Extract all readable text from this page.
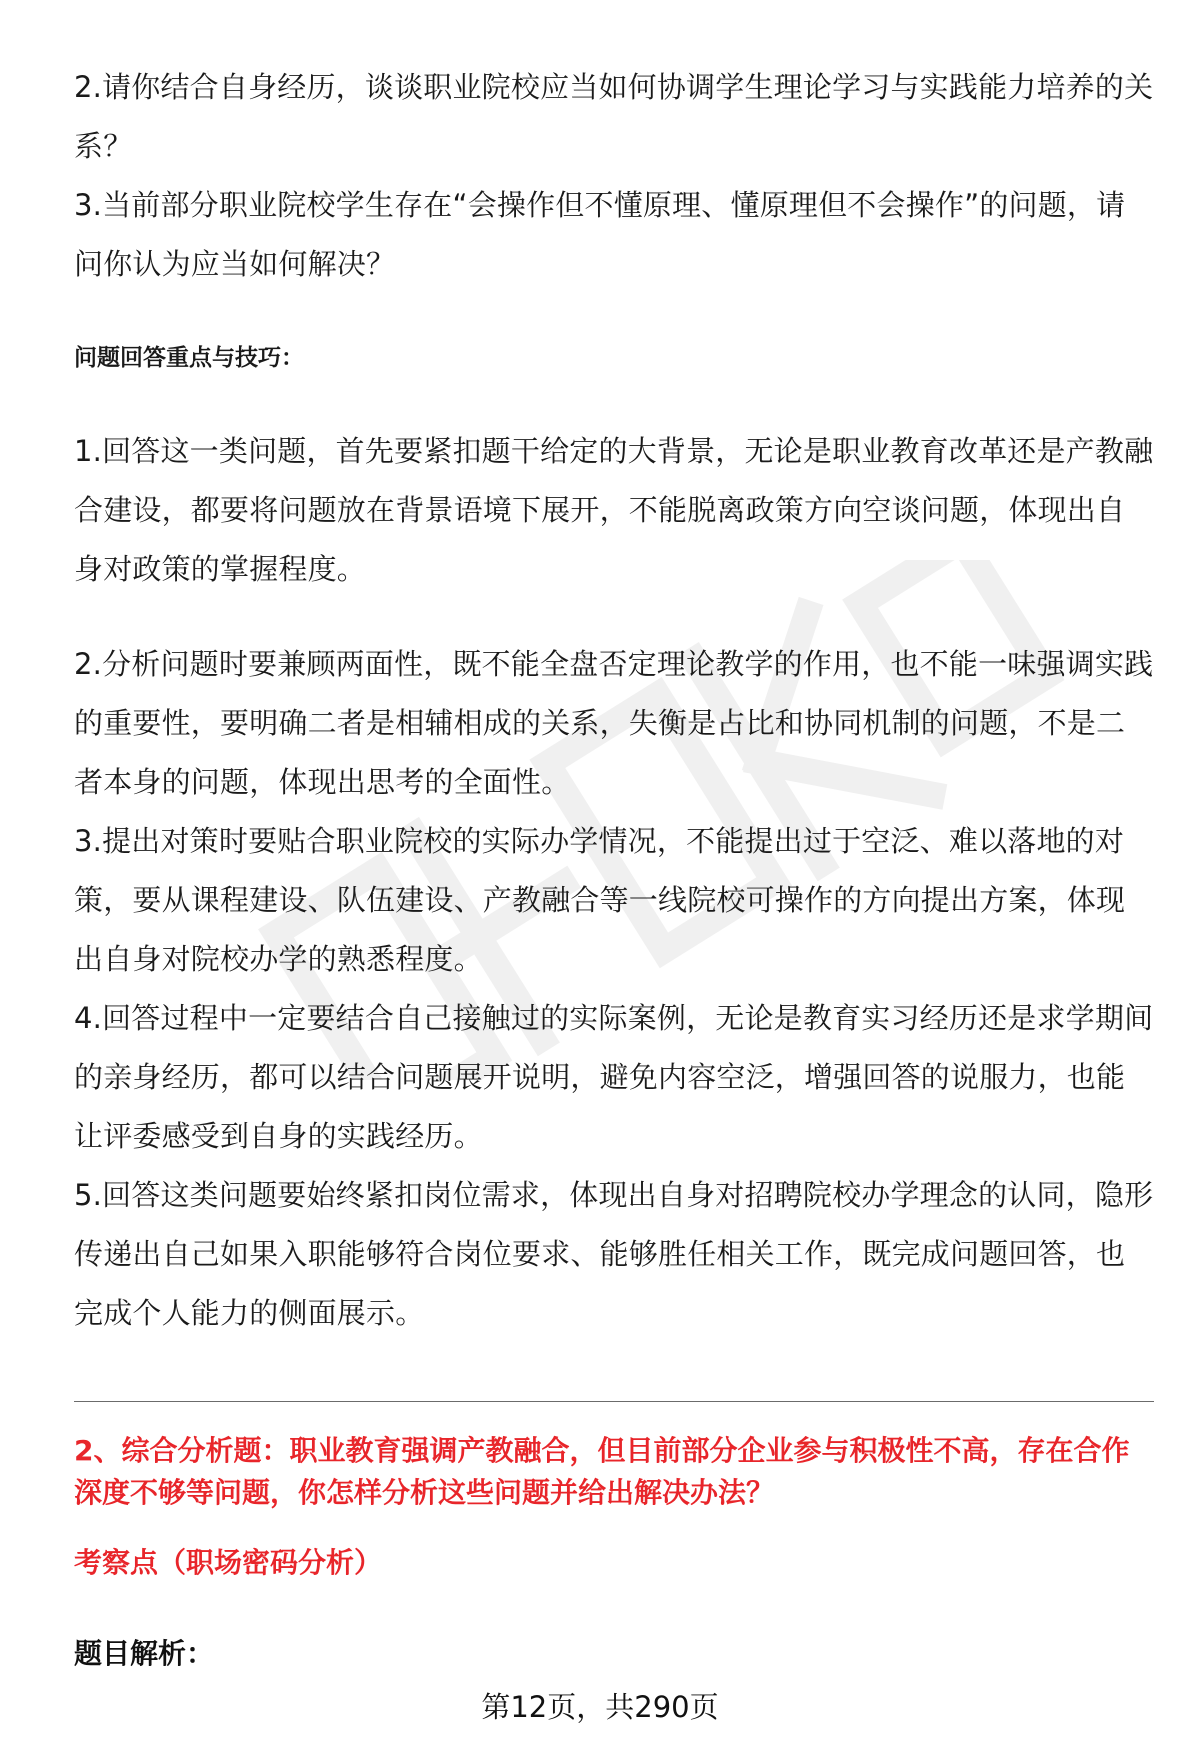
2.请你结合自身经历，谈谈职业院校应当如何协调学生理论学习与实践能力培养的关系？

3.当前部分职业院校学生存在“会操作但不懂原理、懂原理但不会操作”的问题，请问你认为应当如何解决？

问题回答重点与技巧：

1.回答这一类问题，首先要紧扣题干给定的大背景，无论是职业教育改革还是产教融合建设，都要将问题放在背景语境下展开，不能脱离政策方向空谈问题，体现出自身对政策的掌握程度。

2.分析问题时要兼顾两面性，既不能全盘否定理论教学的作用，也不能一味强调实践的重要性，要明确二者是相辅相成的关系，失衡是占比和协同机制的问题，不是二者本身的问题，体现出思考的全面性。

3.提出对策时要贴合职业院校的实际办学情况，不能提出过于空泛、难以落地的对策，要从课程建设、队伍建设、产教融合等一线院校可操作的方向提出方案，体现出自身对院校办学的熟悉程度。

4.回答过程中一定要结合自己接触过的实际案例，无论是教育实习经历还是求学期间的亲身经历，都可以结合问题展开说明，避免内容空泛，增强回答的说服力，也能让评委感受到自身的实践经历。

5.回答这类问题要始终紧扣岗位需求，体现出自身对招聘院校办学理念的认同，隐形传递出自己如果入职能够符合岗位要求、能够胜任相关工作，既完成问题回答，也完成个人能力的侧面展示。

2、综合分析题：职业教育强调产教融合，但目前部分企业参与积极性不高，存在合作深度不够等问题，你怎样分析这些问题并给出解决办法？

考察点（职场密码分析）

题目解析：

第12页，共290页
